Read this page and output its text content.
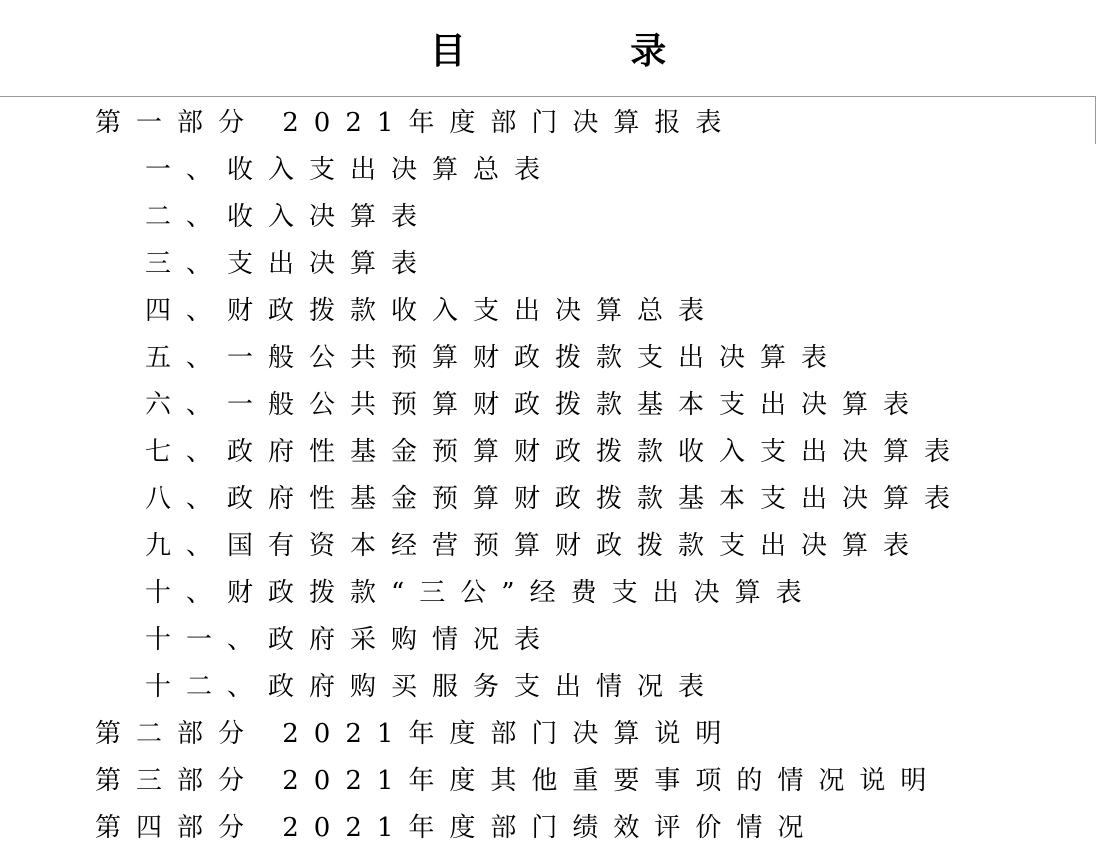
目 录
第一部分 2021年度部门决算报表
一、收入支出决算总表
二、收入决算表
三、支出决算表
四、财政拨款收入支出决算总表
五、一般公共预算财政拨款支出决算表
六、一般公共预算财政拨款基本支出决算表
七、政府性基金预算财政拨款收入支出决算表
八、政府性基金预算财政拨款基本支出决算表
九、国有资本经营预算财政拨款支出决算表
十、财政拨款“三公”经费支出决算表
十一、政府采购情况表
十二、政府购买服务支出情况表
第二部分 2021年度部门决算说明
第三部分 2021年度其他重要事项的情况说明
第四部分 2021年度部门绩效评价情况
